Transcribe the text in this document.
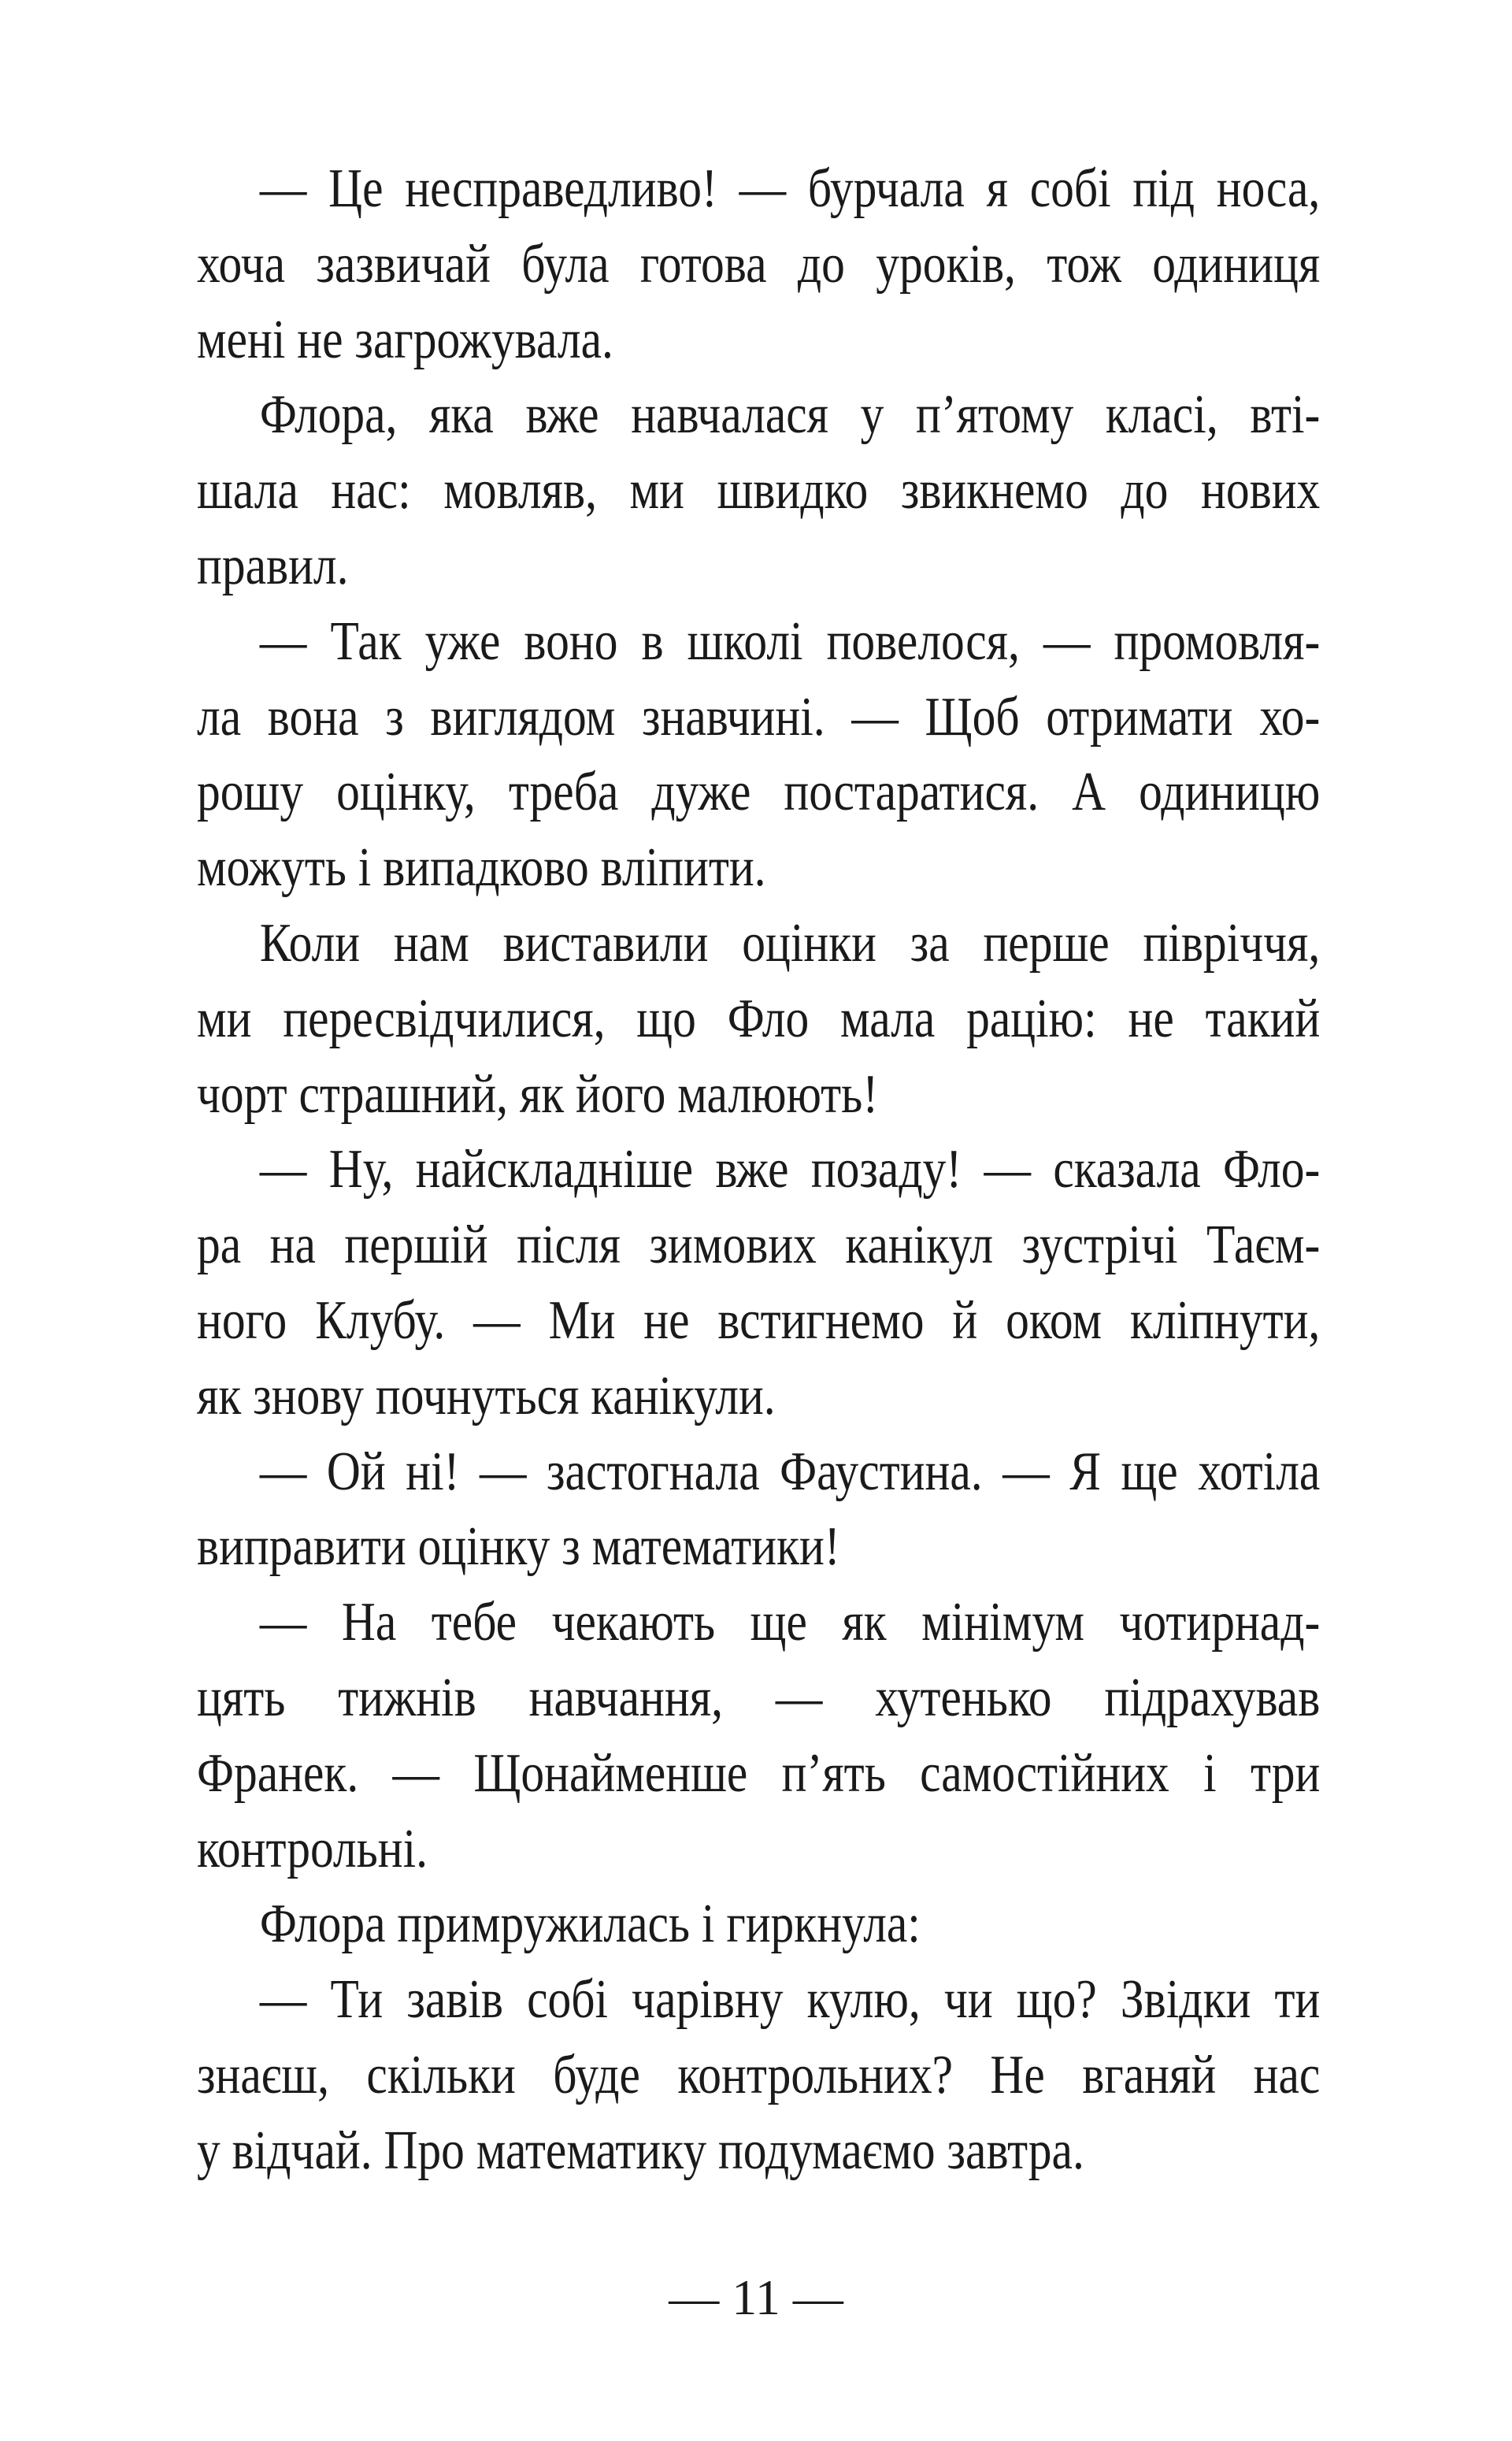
— Це несправедливо! — бурчала я собі під носа,
хоча зазвичай була готова до уроків, тож одиниця
мені не загрожувала.
Флора, яка вже навчалася у п’ятому класі, вті-
шала нас: мовляв, ми швидко звикнемо до нових
правил.
— Так уже воно в школі повелося, — промовля-
ла вона з виглядом знавчині. — Щоб отримати хо-
рошу оцінку, треба дуже постаратися. А одиницю
можуть і випадково вліпити.
Коли нам виставили оцінки за перше півріччя,
ми пересвідчилися, що Фло мала рацію: не такий
чорт страшний, як його малюють!
— Ну, найскладніше вже позаду! — сказала Фло-
ра на першій після зимових канікул зустрічі Таєм-
ного Клубу. — Ми не встигнемо й оком кліпнути,
як знову почнуться канікули.
— Ой ні! — застогнала Фаустина. — Я ще хотіла
виправити оцінку з математики!
— На тебе чекають ще як мінімум чотирнад-
цять тижнів навчання, — хутенько підрахував
Франек. — Щонайменше п’ять самостійних і три
контрольні.
Флора примружилась і гиркнула:
— Ти завів собі чарівну кулю, чи що? Звідки ти
знаєш, скільки буде контрольних? Не вганяй нас
у відчай. Про математику подумаємо завтра.
— 11 —
